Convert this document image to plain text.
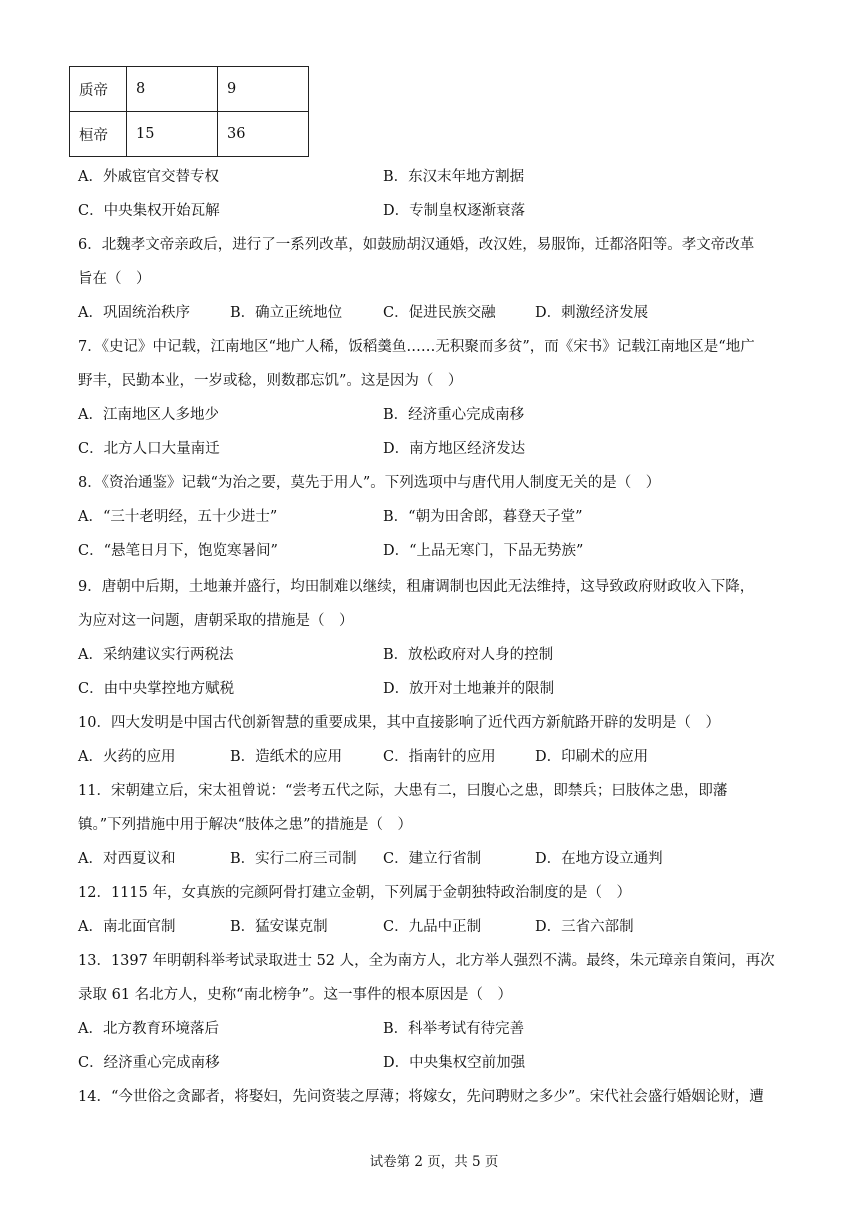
质帝	8	9
桓帝	15	36
A．外戚宦官交替专权	B．东汉末年地方割据
C．中央集权开始瓦解	D．专制皇权逐渐衰落
6．北魏孝文帝亲政后，进行了一系列改革，如鼓励胡汉通婚，改汉姓，易服饰，迁都洛阳等。孝文帝改革
旨在（　）
A．巩固统治秩序	B．确立正统地位	C．促进民族交融	D．刺激经济发展
7．《史记》中记载，江南地区“地广人稀，饭稻羹鱼……无积聚而多贫”，而《宋书》记载江南地区是“地广
野丰，民勤本业，一岁或稔，则数郡忘饥”。这是因为（　）
A．江南地区人多地少	B．经济重心完成南移
C．北方人口大量南迁	D．南方地区经济发达
8．《资治通鉴》记载“为治之要，莫先于用人”。下列选项中与唐代用人制度无关的是（　）
A．“三十老明经，五十少进士”	B．“朝为田舍郎，暮登天子堂”
C．“悬笔日月下，饱览寒暑间”	D．“上品无寒门，下品无势族”
9．唐朝中后期，土地兼并盛行，均田制难以继续，租庸调制也因此无法维持，这导致政府财政收入下降，
为应对这一问题，唐朝采取的措施是（　）
A．采纳建议实行两税法	B．放松政府对人身的控制
C．由中央掌控地方赋税	D．放开对土地兼并的限制
10．四大发明是中国古代创新智慧的重要成果，其中直接影响了近代西方新航路开辟的发明是（　）
A．火药的应用	B．造纸术的应用	C．指南针的应用	D．印刷术的应用
11．宋朝建立后，宋太祖曾说：“尝考五代之际，大患有二，曰腹心之患，即禁兵；曰肢体之患，即藩
镇。”下列措施中用于解决“肢体之患”的措施是（　）
A．对西夏议和	B．实行二府三司制 C．建立行省制	D．在地方设立通判
12．1115 年，女真族的完颜阿骨打建立金朝，下列属于金朝独特政治制度的是（　）
A．南北面官制	B．猛安谋克制	C．九品中正制	D．三省六部制
13．1397 年明朝科举考试录取进士 52 人，全为南方人，北方举人强烈不满。最终，朱元璋亲自策问，再次
录取 61 名北方人，史称“南北榜争”。这一事件的根本原因是（　）
A．北方教育环境落后	B．科举考试有待完善
C．经济重心完成南移	D．中央集权空前加强
14．“今世俗之贪鄙者，将娶妇，先问资装之厚薄；将嫁女，先问聘财之多少”。宋代社会盛行婚姻论财，遭
试卷第 2 页，共 5 页
